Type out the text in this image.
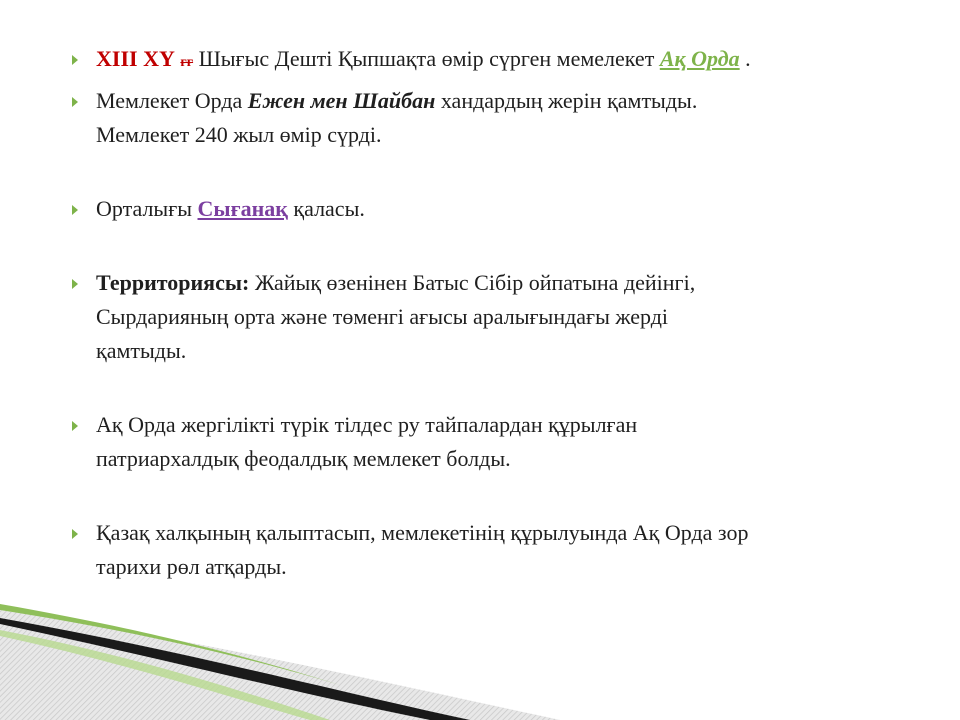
XIII XY ғғ Шығыс Дешті Қыпшақта өмір сүрген мемелекет Ақ Орда .
Мемлекет Орда Ежен мен Шайбан хандардың жерін қамтыды.
Мемлекет 240 жыл өмір сүрді.
Орталығы Сығанақ қаласы.
Территориясы: Жайық өзенінен Батыс Сібір ойпатына дейінгі,
Сырдарияның орта және төменгі ағысы аралығындағы жерді
қамтыды.
Ақ Орда жергілікті түрік тілдес ру тайпалардан құрылған
патриархалдық феодалдық мемлекет болды.
Қазақ халқының қалыптасып, мемлекетінің құрылуында Ақ Орда зор
тарихи рөл атқарды.
